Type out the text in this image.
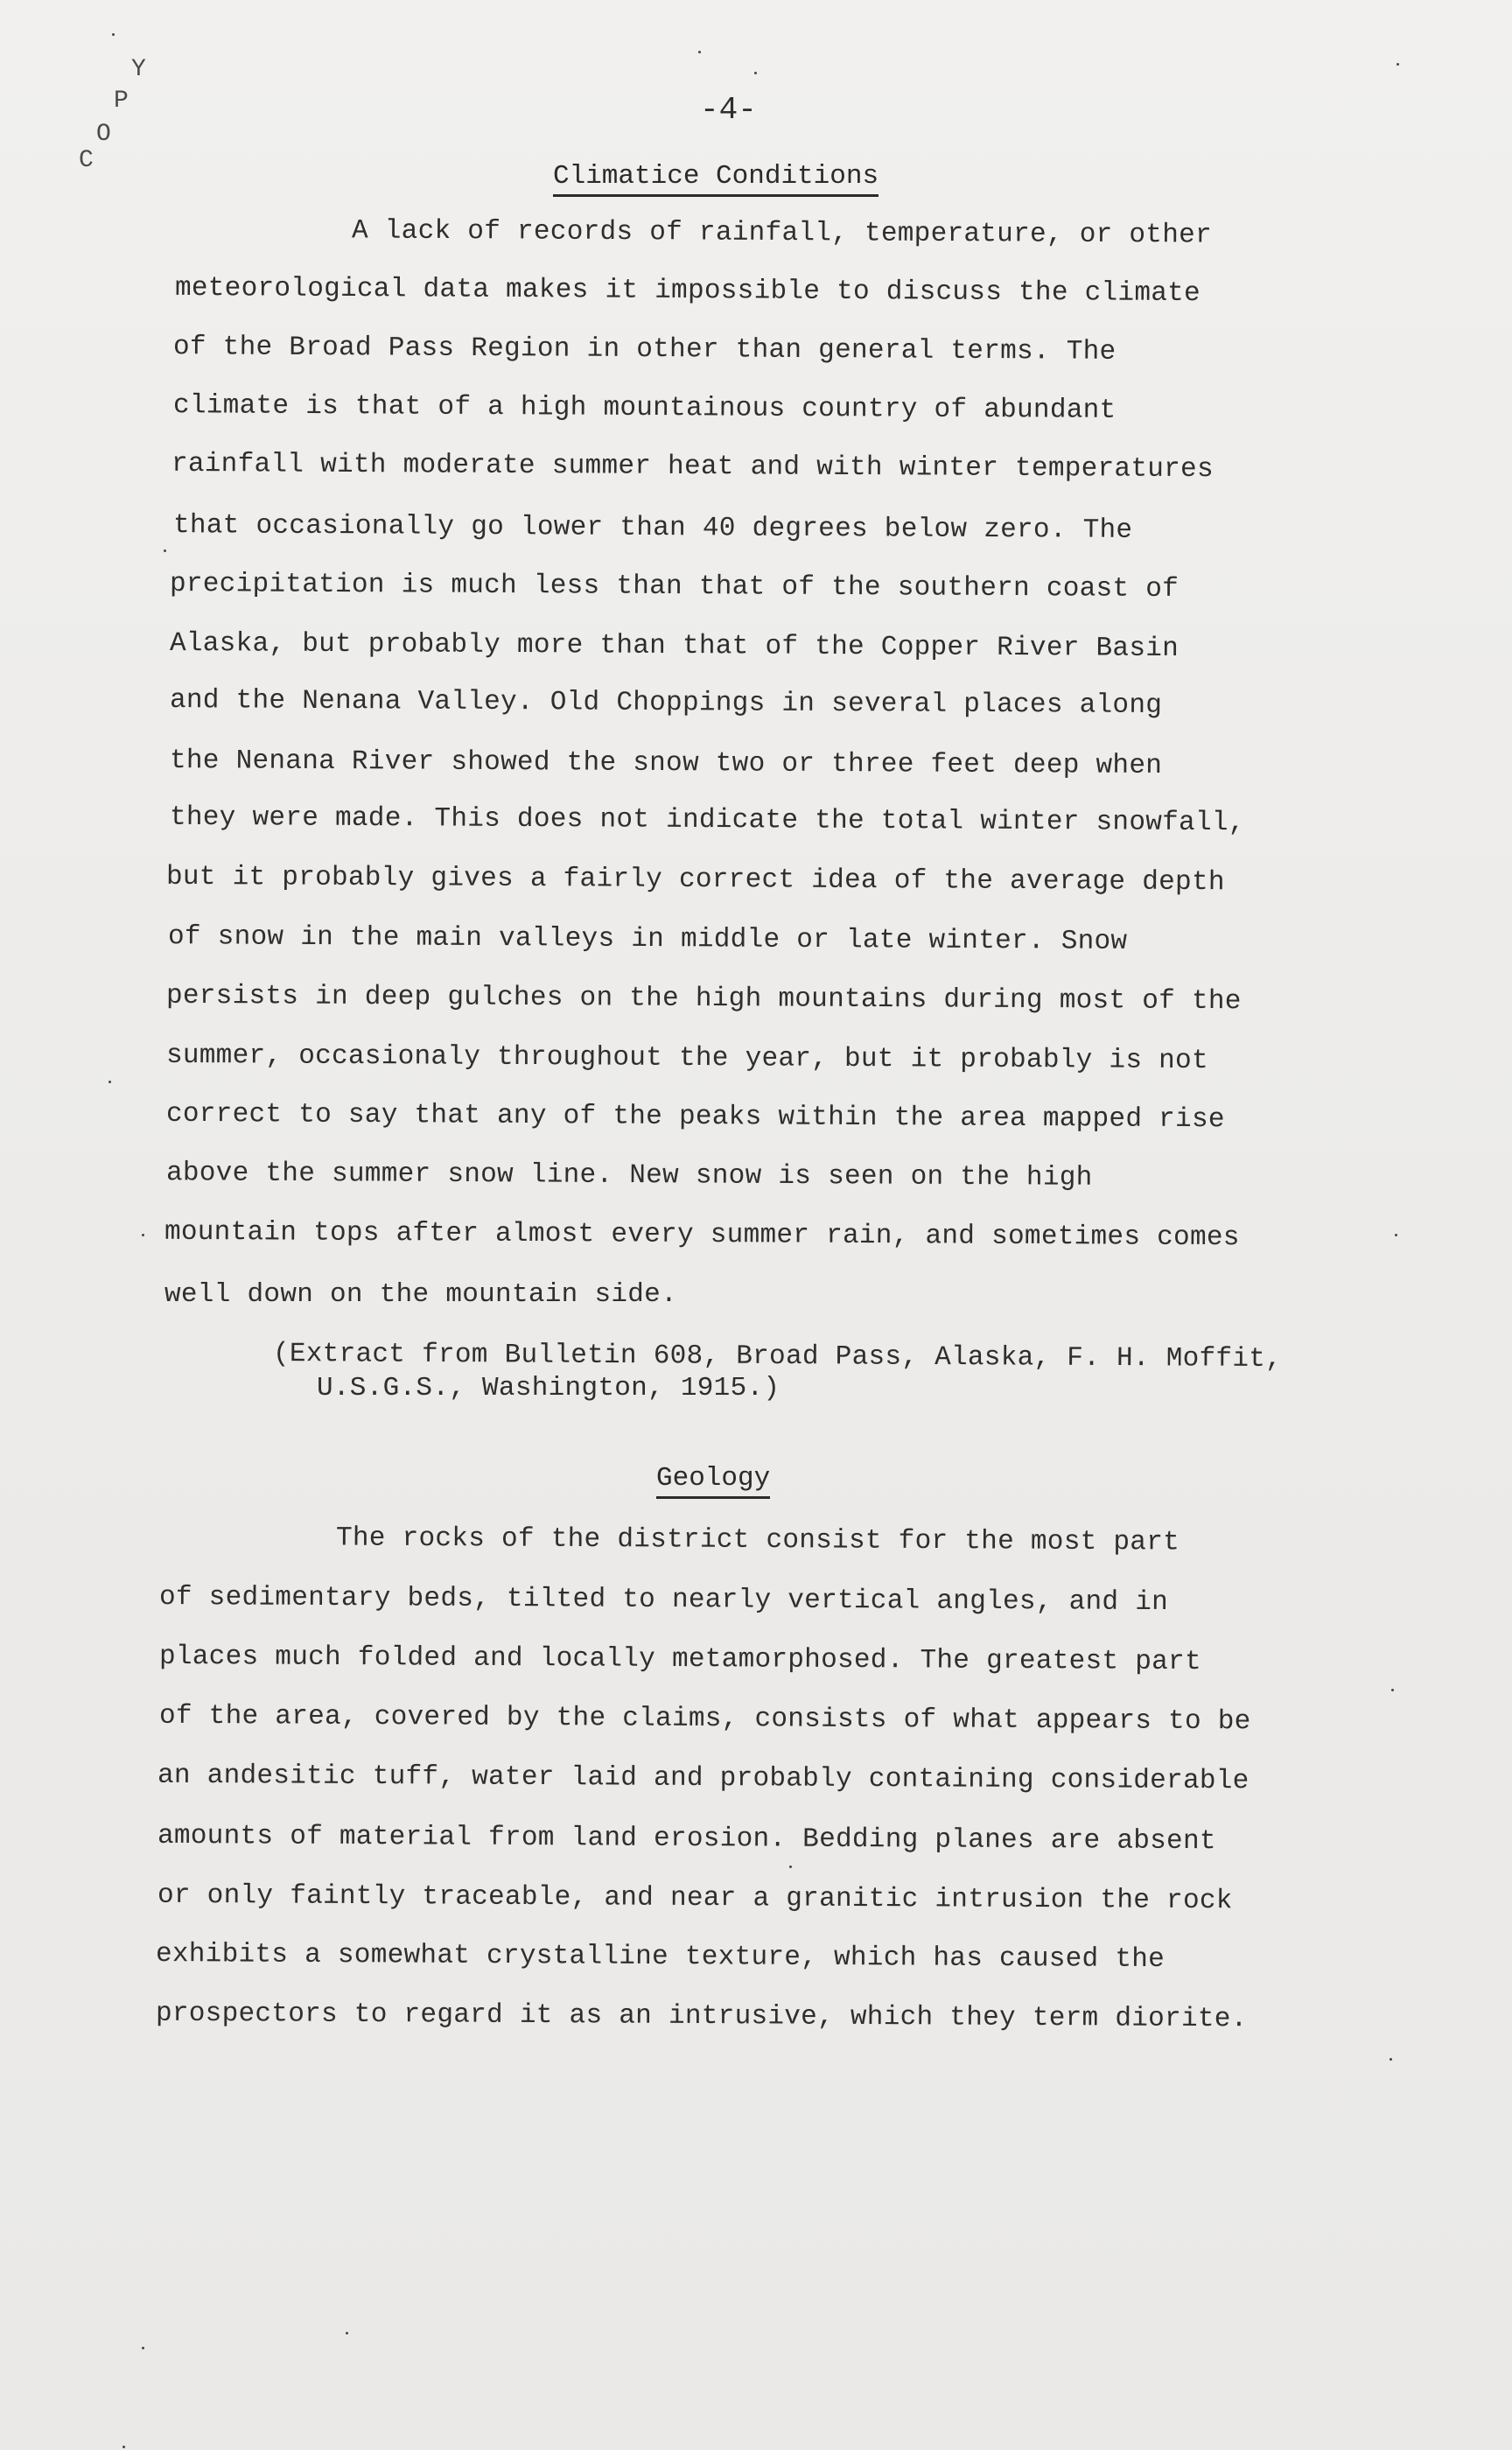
C
O
P
Y
-4-
Climatice Conditions
A lack of records of rainfall, temperature, or other
meteorological data makes it impossible to discuss the climate
of the Broad Pass Region in other than general terms. The
climate is that of a high mountainous country of abundant
rainfall with moderate summer heat and with winter temperatures
that occasionally go lower than 40 degrees below zero. The
precipitation is much less than that of the southern coast of
Alaska, but probably more than that of the Copper River Basin
and the Nenana Valley. Old Choppings in several places along
the Nenana River showed the snow two or three feet deep when
they were made. This does not indicate the total winter snowfall,
but it probably gives a fairly correct idea of the average depth
of snow in the main valleys in middle or late winter. Snow
persists in deep gulches on the high mountains during most of the
summer, occasionaly throughout the year, but it probably is not
correct to say that any of the peaks within the area mapped rise
above the summer snow line. New snow is seen on the high
mountain tops after almost every summer rain, and sometimes comes
well down on the mountain side.
(Extract from Bulletin 608, Broad Pass, Alaska, F. H. Moffit,
U.S.G.S., Washington, 1915.)
Geology
The rocks of the district consist for the most part
of sedimentary beds, tilted to nearly vertical angles, and in
places much folded and locally metamorphosed. The greatest part
of the area, covered by the claims, consists of what appears to be
an andesitic tuff, water laid and probably containing considerable
amounts of material from land erosion. Bedding planes are absent
or only faintly traceable, and near a granitic intrusion the rock
exhibits a somewhat crystalline texture, which has caused the
prospectors to regard it as an intrusive, which they term diorite.
